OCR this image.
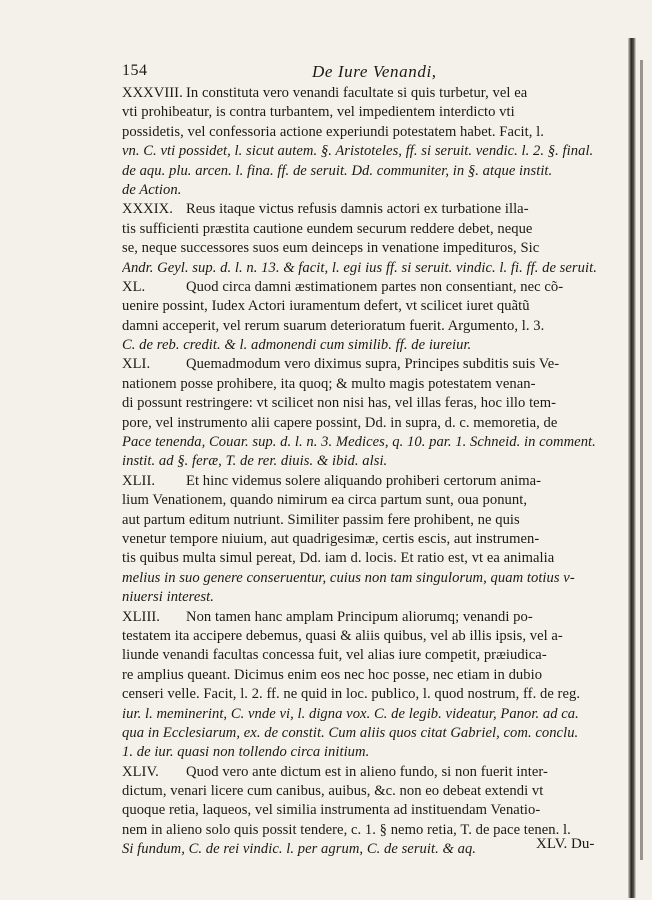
154	De Iure Venandi,
XXXVIII. In constituta vero venandi facultate si quis turbetur, vel ea
vti prohibeatur, is contra turbantem, vel impedientem interdicto vti
possidetis, vel confessoria actione experiundi potestatem habet. Facit, l.
vn. C. vti possidet, l. sicut autem. §. Aristoteles, ff. si seruit. vendic. l. 2. §. final.
de aqu. plu. arcen. l. fina. ff. de seruit. Dd. communiter, in §. atque instit.
de Action.
XXXIX. Reus itaque victus refusis damnis actori ex turbatione illa-
tis sufficienti præstita cautione eundem securum reddere debet, neque
se, neque successores suos eum deinceps in venatione impedituros, Sic
Andr. Geyl. sup. d. l. n. 13. & facit, l. egi ius ff. si seruit. vindic. l. fi. ff. de seruit.
XL.	Quod circa damni æstimationem partes non consentiant, nec cõ-
uenire possint, Iudex Actori iuramentum defert, vt scilicet iuret quãtũ
damni acceperit, vel rerum suarum deterioratum fuerit. Argumento, l. 3.
C. de reb. credit. & l. admonendi cum similib. ff. de iureiur.
XLI. Quemadmodum vero diximus supra, Principes subditis suis Ve-
nationem posse prohibere, ita quoq; & multo magis potestatem venan-
di possunt restringere: vt scilicet non nisi has, vel illas feras, hoc illo tem-
pore, vel instrumento alii capere possint, Dd. in supra, d. c. memoretia, de
Pace tenenda, Couar. sup. d. l. n. 3. Medices, q. 10. par. 1. Schneid. in comment.
instit. ad §. feræ, T. de rer. diuis. & ibid. alsi.
XLII. Et hinc videmus solere aliquando prohiberi certorum anima-
lium Venationem, quando nimirum ea circa partum sunt, oua ponunt,
aut partum editum nutriunt. Similiter passim fere prohibent, ne quis
venetur tempore niuium, aut quadrigesimæ, certis escis, aut instrumen-
tis quibus multa simul pereat, Dd. iam d. locis. Et ratio est, vt ea animalia
melius in suo genere conseruentur, cuius non tam singulorum, quam totius v-
niuersi interest.
XLIII. Non tamen hanc amplam Principum aliorumq; venandi po-
testatem ita accipere debemus, quasi & aliis quibus, vel ab illis ipsis, vel a-
liunde venandi facultas concessa fuit, vel alias iure competit, præiudica-
re amplius queant. Dicimus enim eos nec hoc posse, nec etiam in dubio
censeri velle. Facit, l. 2. ff. ne quid in loc. publico, l. quod nostrum, ff. de reg.
iur. l. meminerint, C. vnde vi, l. digna vox. C. de legib. videatur, Panor. ad ca.
qua in Ecclesiarum, ex. de constit. Cum aliis quos citat Gabriel, com. conclu.
1. de iur. quasi non tollendo circa initium.
XLIV. Quod vero ante dictum est in alieno fundo, si non fuerit inter-
dictum, venari licere cum canibus, auibus, &c. non eo debeat extendi vt
quoque retia, laqueos, vel similia instrumenta ad instituendam Venatio-
nem in alieno solo quis possit tendere, c. 1. § nemo retia, T. de pace tenen. l.
Si fundum, C. de rei vindic. l. per agrum, C. de seruit. & aq.	XLV. Du-
